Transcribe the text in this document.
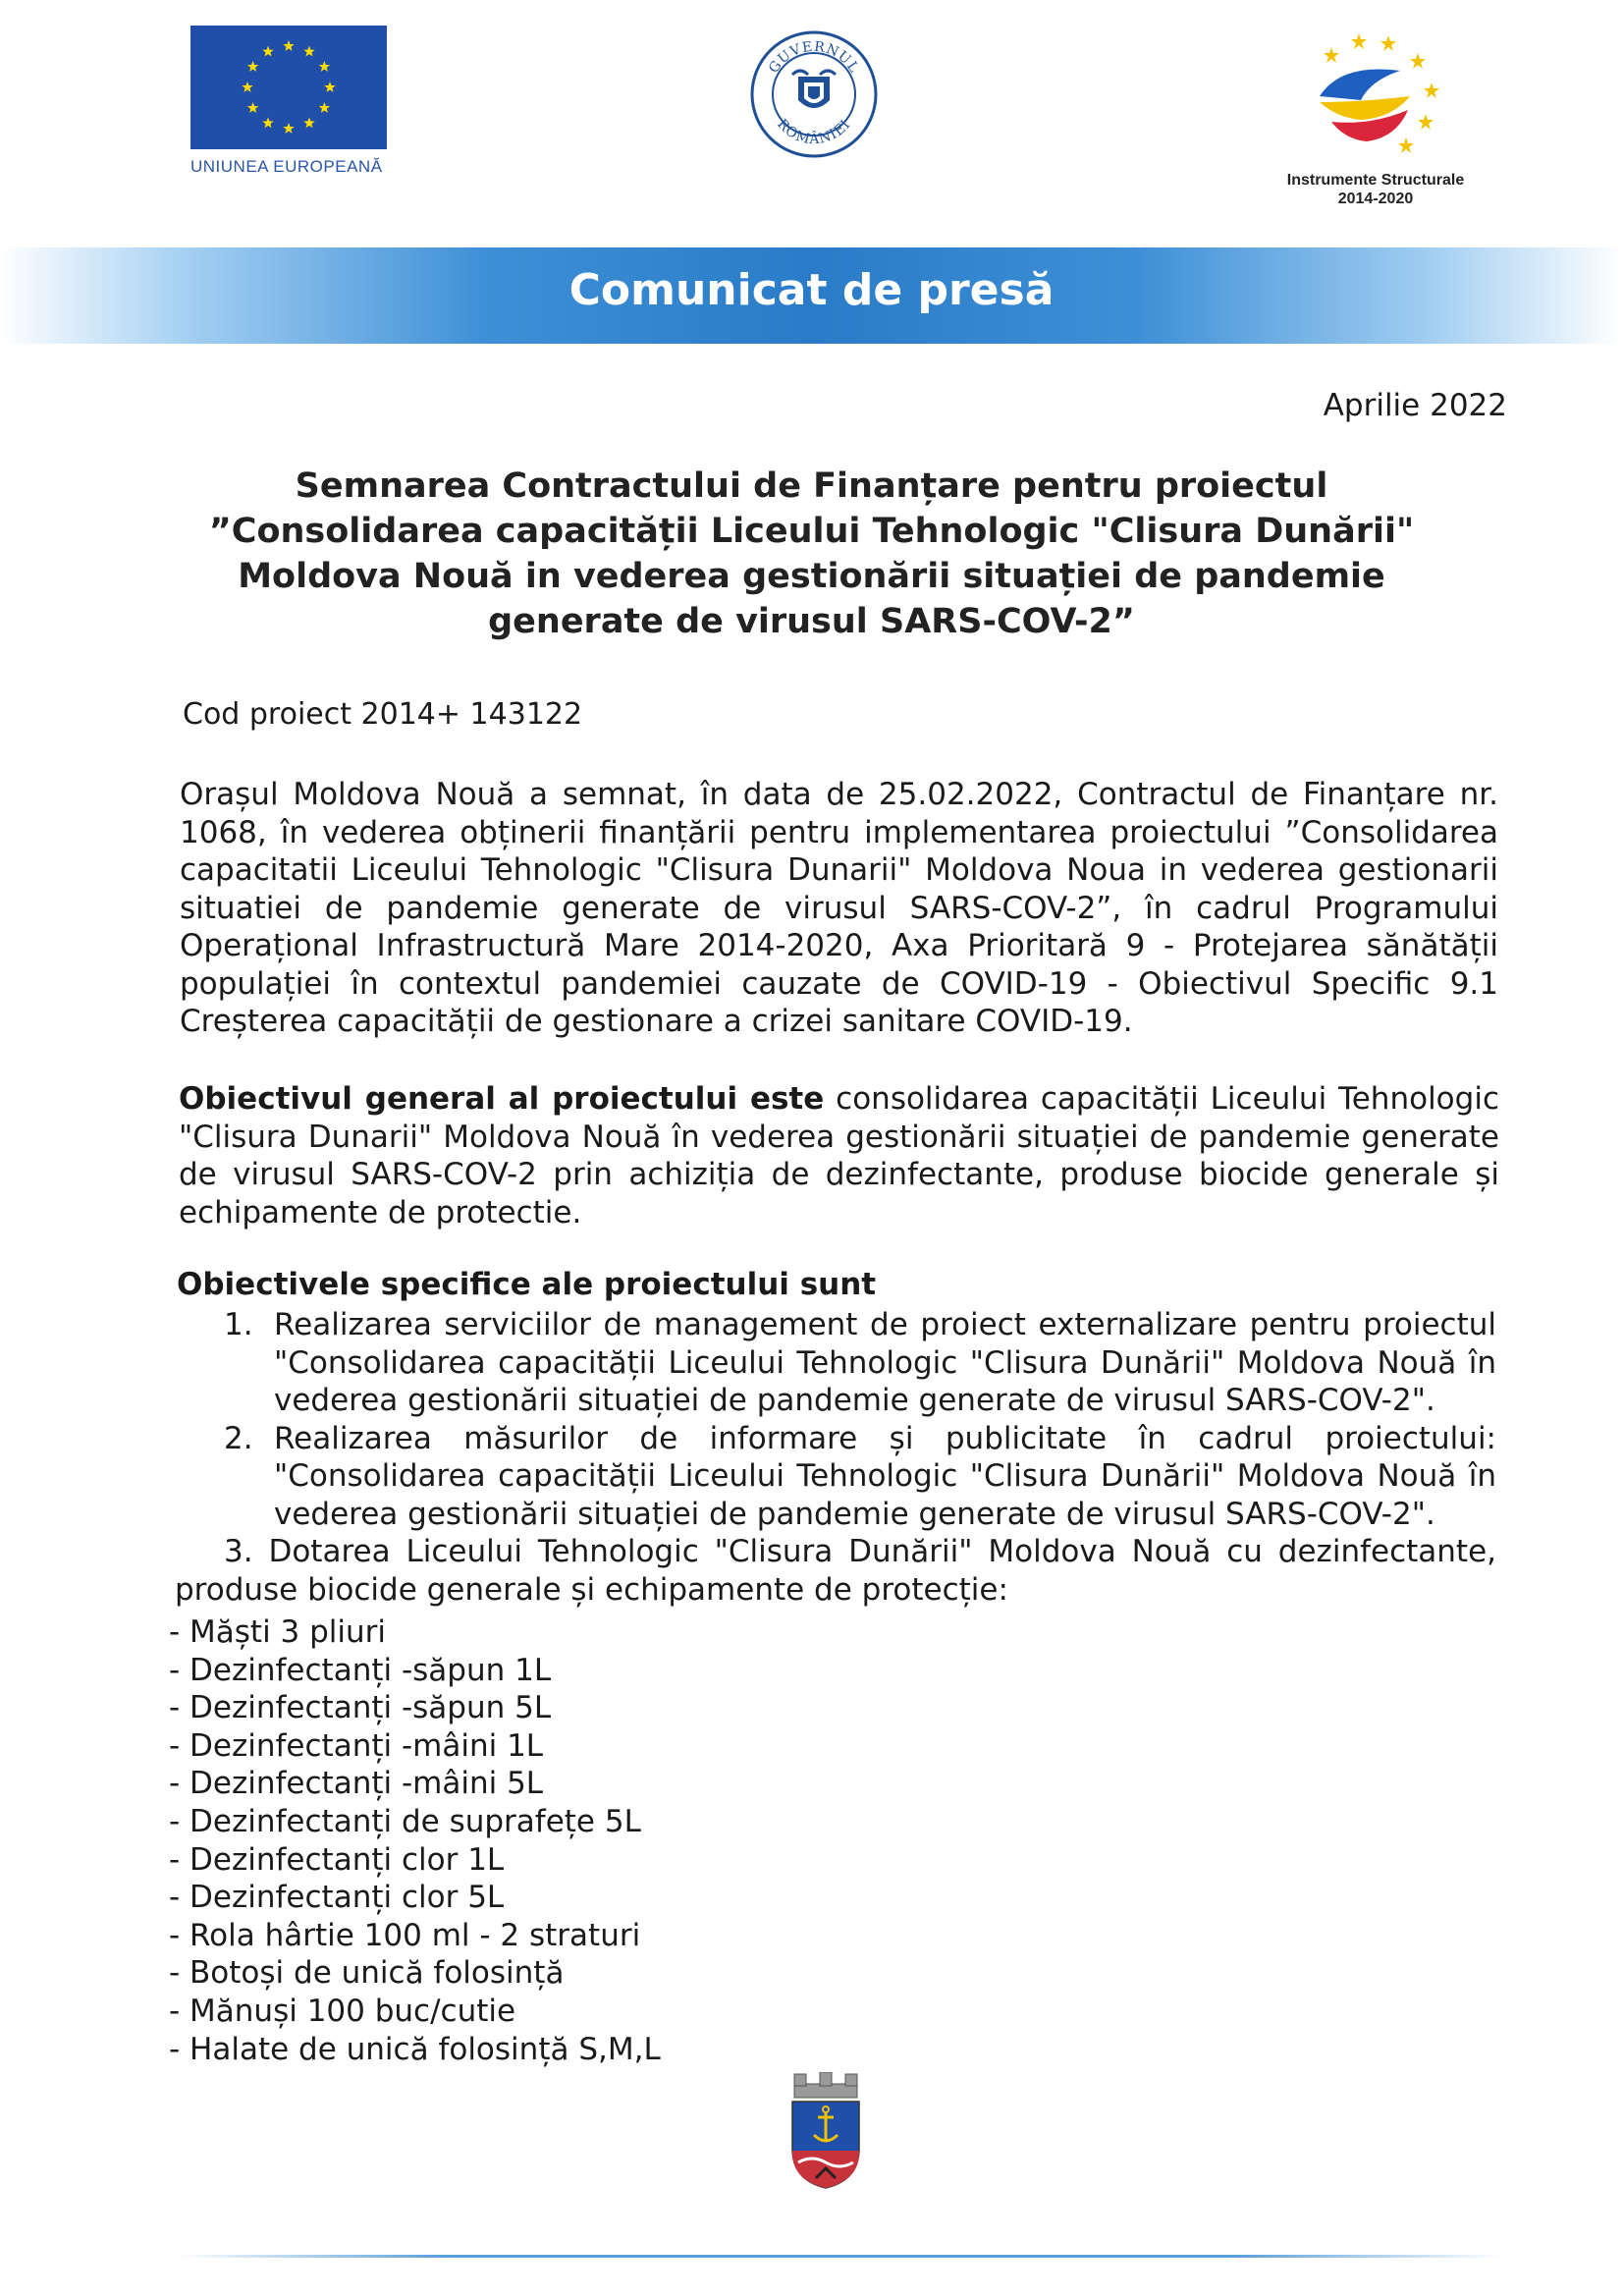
UNIUNEA EUROPEANĂ
GUVERNUL
ROMÂNIEI
Instrumente Structurale
2014-2020
Comunicat de presă
Aprilie 2022
Semnarea Contractului de Finanțare pentru proiectul
”Consolidarea capacității Liceului Tehnologic "Clisura Dunării"
Moldova Nouă in vederea gestionării situației de pandemie
generate de virusul SARS-COV-2”
Cod proiect 2014+ 143122
Orașul Moldova Nouă a semnat, în data de 25.02.2022, Contractul de Finanțare nr. 1068, în vederea obținerii finanțării pentru implementarea proiectului ”Consolidarea capacitatii Liceului Tehnologic "Clisura Dunarii" Moldova Noua in vederea gestionarii situatiei de pandemie generate de virusul SARS-COV-2”, în cadrul Programului Operațional Infrastructură Mare 2014-2020, Axa Prioritară 9 - Protejarea sănătății populației în contextul pandemiei cauzate de COVID-19 - Obiectivul Specific 9.1 Creșterea capacității de gestionare a crizei sanitare COVID-19.
Obiectivul general al proiectului este consolidarea capacității Liceului Tehnologic "Clisura Dunarii" Moldova Nouă în vederea gestionării situației de pandemie generate de virusul SARS-COV-2 prin achiziția de dezinfectante, produse biocide generale și echipamente de protectie.
Obiectivele specifice ale proiectului sunt
1. Realizarea serviciilor de management de proiect externalizare pentru proiectul "Consolidarea capacității Liceului Tehnologic "Clisura Dunării" Moldova Nouă în vederea gestionării situației de pandemie generate de virusul SARS-COV-2".
2. Realizarea măsurilor de informare și publicitate în cadrul proiectului: "Consolidarea capacității Liceului Tehnologic "Clisura Dunării" Moldova Nouă în vederea gestionării situației de pandemie generate de virusul SARS-COV-2".
3. Dotarea Liceului Tehnologic "Clisura Dunării" Moldova Nouă cu dezinfectante, produse biocide generale și echipamente de protecție:
- Măști 3 pliuri
- Dezinfectanți -săpun 1L
- Dezinfectanți -săpun 5L
- Dezinfectanți -mâini 1L
- Dezinfectanți -mâini 5L
- Dezinfectanți de suprafețe 5L
- Dezinfectanți clor 1L
- Dezinfectanți clor 5L
- Rola hârtie 100 ml - 2 straturi
- Botoși de unică folosință
- Mănuși 100 buc/cutie
- Halate de unică folosință S,M,L
